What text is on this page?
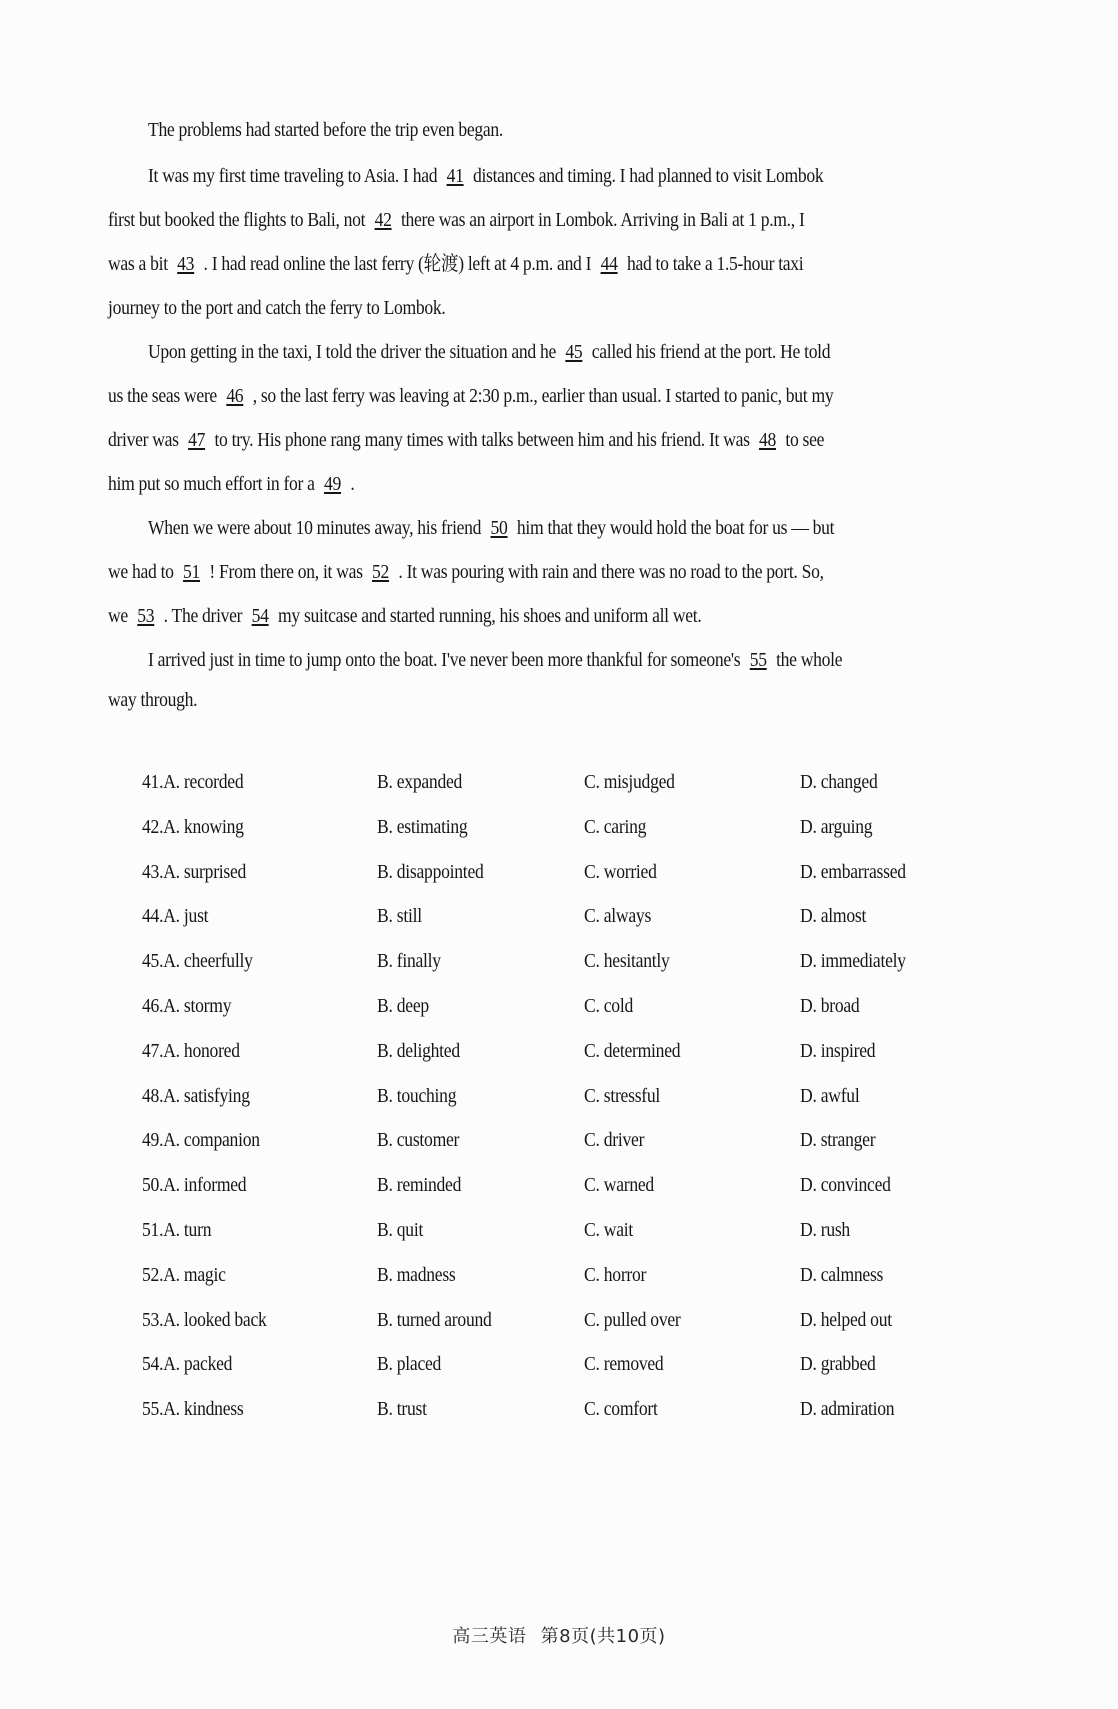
The problems had started before the trip even began.
It was my first time traveling to Asia. I had 41 distances and timing. I had planned to visit Lombok
first but booked the flights to Bali, not 42 there was an airport in Lombok. Arriving in Bali at 1 p.m., I
was a bit 43 . I had read online the last ferry (轮渡) left at 4 p.m. and I 44 had to take a 1.5-hour taxi
journey to the port and catch the ferry to Lombok.
Upon getting in the taxi, I told the driver the situation and he 45 called his friend at the port. He told
us the seas were 46 , so the last ferry was leaving at 2:30 p.m., earlier than usual. I started to panic, but my
driver was 47 to try. His phone rang many times with talks between him and his friend. It was 48 to see
him put so much effort in for a 49 .
When we were about 10 minutes away, his friend 50 him that they would hold the boat for us — but
we had to 51 ! From there on, it was 52 . It was pouring with rain and there was no road to the port. So,
we 53 . The driver 54 my suitcase and started running, his shoes and uniform all wet.
I arrived just in time to jump onto the boat. I've never been more thankful for someone's 55 the whole
way through.
41.A. recorded	B. expanded	C. misjudged	D. changed
42.A. knowing	B. estimating	C. caring	D. arguing
43.A. surprised	B. disappointed	C. worried	D. embarrassed
44.A. just	B. still	C. always	D. almost
45.A. cheerfully	B. finally	C. hesitantly	D. immediately
46.A. stormy	B. deep	C. cold	D. broad
47.A. honored	B. delighted	C. determined	D. inspired
48.A. satisfying	B. touching	C. stressful	D. awful
49.A. companion	B. customer	C. driver	D. stranger
50.A. informed	B. reminded	C. warned	D. convinced
51.A. turn	B. quit	C. wait	D. rush
52.A. magic	B. madness	C. horror	D. calmness
53.A. looked back	B. turned around	C. pulled over	D. helped out
54.A. packed	B. placed	C. removed	D. grabbed
55.A. kindness	B. trust	C. comfort	D. admiration
高三英语 第8页(共10页)
